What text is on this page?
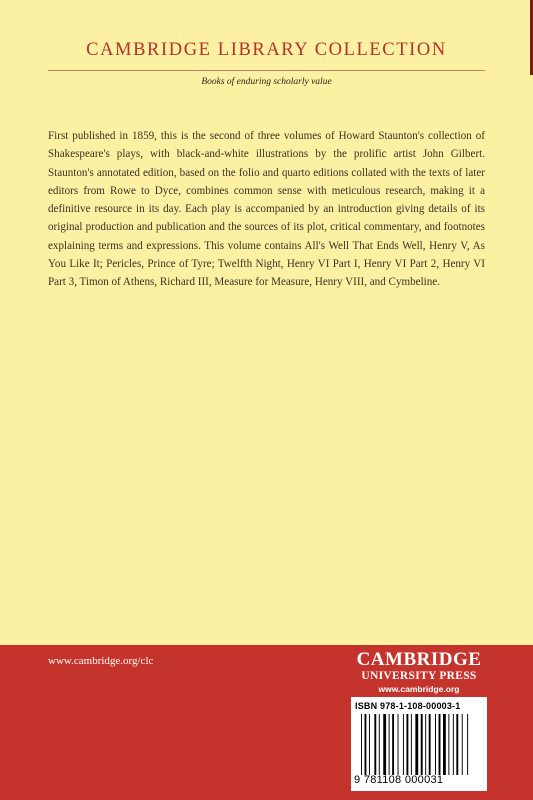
CAMBRIDGE LIBRARY COLLECTION
Books of enduring scholarly value

First published in 1859, this is the second of three volumes of Howard Staunton's collection of Shakespeare's plays, with black-and-white illustrations by the prolific artist John Gilbert. Staunton's annotated edition, based on the folio and quarto editions collated with the texts of later editors from Rowe to Dyce, combines common sense with meticulous research, making it a definitive resource in its day. Each play is accompanied by an introduction giving details of its original production and publication and the sources of its plot, critical commentary, and footnotes explaining terms and expressions. This volume contains All's Well That Ends Well, Henry V, As You Like It; Pericles, Prince of Tyre; Twelfth Night, Henry VI Part I, Henry VI Part 2, Henry VI Part 3, Timon of Athens, Richard III, Measure for Measure, Henry VIII, and Cymbeline.

www.cambridge.org/clc	CAMBRIDGE
UNIVERSITY PRESS
www.cambridge.org
ISBN 978-1-108-00003-1
9 781108 000031
